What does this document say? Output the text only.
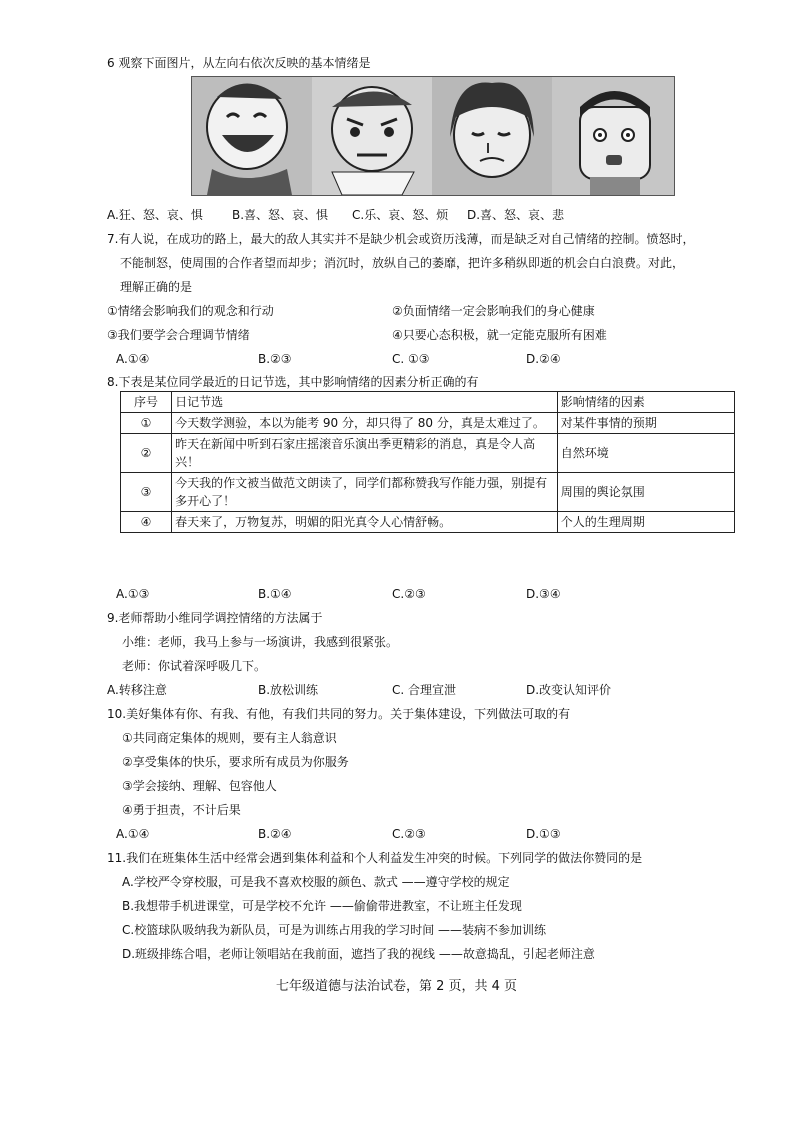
6 观察下面图片，从左向右依次反映的基本情绪是
A.狂、怒、哀、惧 B.喜、怒、哀、惧 C.乐、哀、怒、烦 D.喜、怒、哀、悲
7.有人说，在成功的路上，最大的敌人其实并不是缺少机会或资历浅薄，而是缺乏对自己情绪的控制。愤怒时，
不能制怒，使周围的合作者望而却步；消沉时，放纵自己的萎靡，把许多稍纵即逝的机会白白浪费。对此，
理解正确的是
①情绪会影响我们的观念和行动	②负面情绪一定会影响我们的身心健康
③我们要学会合理调节情绪	④只要心态积极，就一定能克服所有困难
A.①④	B.②③	C. ①③	D.②④
8.下表是某位同学最近的日记节选，其中影响情绪的因素分析正确的有
序号	日记节选	影响情绪的因素
①	今天数学测验，本以为能考 90 分，却只得了 80 分，真是太难过了。	对某件事情的预期
②	昨天在新闻中听到石家庄摇滚音乐演出季更精彩的消息，真是令人高兴！	自然环境
③	今天我的作文被当做范文朗读了，同学们都称赞我写作能力强，别提有多开心了！	周围的舆论氛围
④	春天来了，万物复苏，明媚的阳光真令人心情舒畅。	个人的生理周期
A.①③	B.①④	C.②③	D.③④
9.老师帮助小维同学调控情绪的方法属于
小维：老师，我马上参与一场演讲，我感到很紧张。
老师：你试着深呼吸几下。
A.转移注意	B.放松训练	C. 合理宣泄	D.改变认知评价
10.美好集体有你、有我、有他，有我们共同的努力。关于集体建设，下列做法可取的有
①共同商定集体的规则，要有主人翁意识
②享受集体的快乐，要求所有成员为你服务
③学会接纳、理解、包容他人
④勇于担责，不计后果
A.①④	B.②④	C.②③	D.①③
11.我们在班集体生活中经常会遇到集体利益和个人利益发生冲突的时候。下列同学的做法你赞同的是
A.学校严令穿校服，可是我不喜欢校服的颜色、款式 ——遵守学校的规定
B.我想带手机进课堂，可是学校不允许 ——偷偷带进教室，不让班主任发现
C.校篮球队吸纳我为新队员，可是为训练占用我的学习时间 ——装病不参加训练
D.班级排练合唱，老师让领唱站在我前面，遮挡了我的视线 ——故意捣乱，引起老师注意
七年级道德与法治试卷，第 2 页，共 4 页
